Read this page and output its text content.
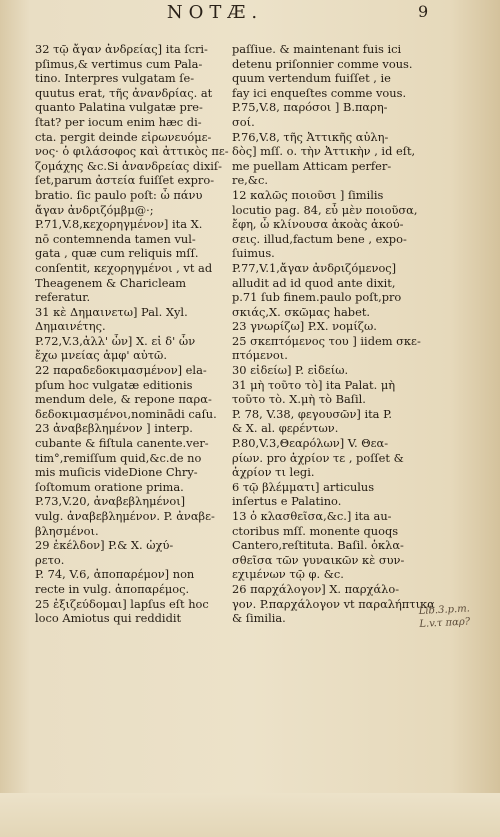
NOTÆ.	9

32 τῷ ἄγαν ἀνδρείας] ita ſcri-

pſimus,& vertimus cum Pala-

tino. Interpres vulgatam ſe-

quutus erat, τῆς ἀνανδρίας. at

quanto Palatina vulgatæ pre-

ſtat? per iocum enim hæc di-

cta. pergit deinde εἰρωνευόμε-

νος· ὁ φιλάσοφος καὶ ἀττικὸς πε-

ζομάχης &c.Si ἀνανδρείας dixiſ-

ſet,parum ἀστεία fuiſſet expro-

bratio. ſic paulo poſt: ὦ πάνυ

ἄγαν ἀνδριζόμβμ@·;

P.71,V.8,κεχορηγμένον] ita X.

nō contemnenda tamen vul-

gata , quæ cum reliquis mſſ.

conſentit, κεχορηγμένοι , vt ad

Theagenem & Charicleam

referatur.

31 κὲ Δημαινετω] Pal. Xyl.

Δημαινέτης.

P.72,V.3,ἀλλ' ὧν] X. εἰ δ' ὧν

ἔχω μνείας ἀμφ' αὐτῶ.

22 παραδεδοκιμασμένον] ela-

pſum hoc vulgatæ editionis

mendum dele, & repone παρα-

δεδοκιμασμένοι,nominādi caſu.

23 ἀναβεβλημένον ] interp.

cubante & fiſtula canente.ver-

tim°,remiſſum quid,&c.de no

mis muſicis videDione Chry-

ſoſtomum oratione prima.

P.73,V.20, ἀναβεβλημένοι]

vulg. ἀναβεβλημένον. P. ἀναβε-

βλησμένοι.

29 ἐκέλδον] P.& X. ὠχύ-

ρετο.

P. 74, V.6, ἀποπαρέμον] non

recte in vulg. ἀποπαρέμος.

25 ἐξιζεύδομαι] lapſus eſt hoc

loco Amiotus qui reddidit

paſſiue. & maintenant fuis ici

detenu priſonnier comme vous.

quum vertendum fuiſſet , ie

fay ici enqueſtes comme vous.

P.75,V.8, παρόσοι ] B.παρη-

σοί.

P.76,V.8, τῆς Ἀττικῆς αὐλη-

δὸς] mſſ. ο. τὴν Ἀττικὴν , id eſt,

me puellam Atticam perfer-

re,&c.

12 καλῶς ποιοῦσι ] ſimilis

locutio pag. 84, εὖ μὲν ποιοῦσα,

ἔφη, ὦ κλίνουσα ἀκοὰς ἀκού-

σεις. illud,factum bene , expo-

ſuimus.

P.77,V.1,ἄγαν ἀνδριζόμενος]

alludit ad id quod ante dixit,

p.71 ſub finem.paulo poſt,pro

σκιάς,X. σκῶμας habet.

23 γνωρίζω] P.X. νομίζω.

25 σκεπτόμενος του ] iidem σκε-

πτόμενοι.

30 εἰδείω] P. εἰδείω.

31 μὴ τοῦτο τὸ] ita Palat. μὴ

τοῦτο τὸ. X.μὴ τὸ Baſil.

P. 78, V.38, φεγουσῶν] ita P.

& X. al. φερέντων.

P.80,V.3,Θεαρόλων] V. Θεα-

ρίων. pro ἀχρίον τε , poſſet &

ἀχρίον τι legi.

6 τῷ βλέμματι] articulus

inſertus e Palatino.

13 ὁ κλασθεῖσα,&c.] ita au-

ctoribus mſſ. monente quoqs

Cantero,reſtituta. Baſil. ὁκλα-

σθεῖσα τῶν γυναικῶν κὲ συν-

εχιμένων τῷ φ. &c.

26 παρχάλογον] X. παρχάλο-

γον. P.παρχάλογον vt παραλήπτικα

& ſimilia.

Lib.3.p.m.
L.v.τ παρ?
